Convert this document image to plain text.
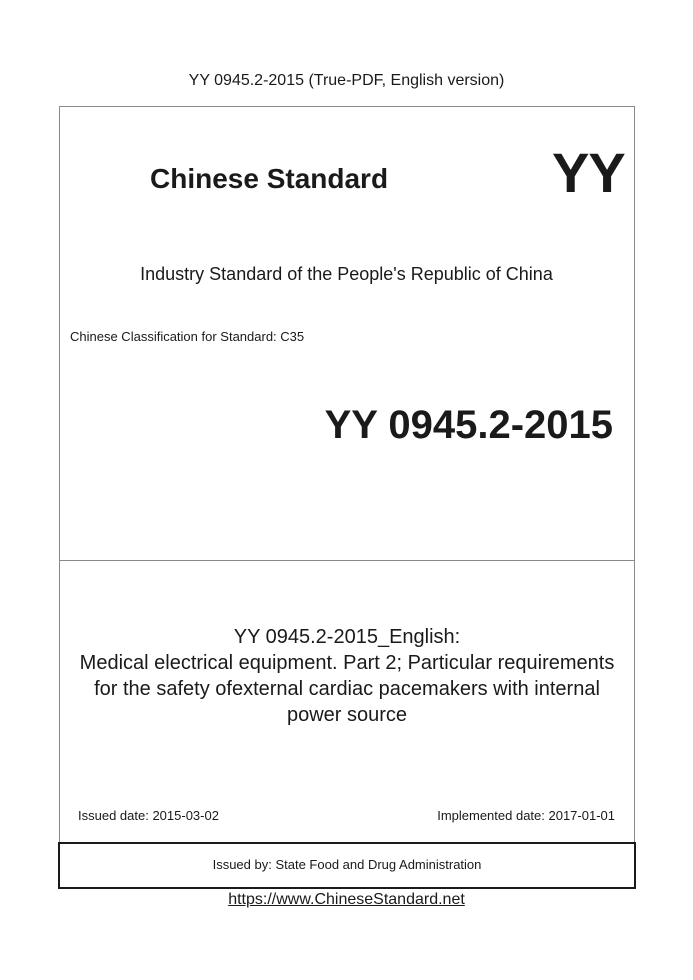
YY 0945.2-2015 (True-PDF, English version)
Chinese Standard	YY
Industry Standard of the People's Republic of China
Chinese Classification for Standard: C35
YY 0945.2-2015
YY 0945.2-2015_English:
Medical electrical equipment. Part 2; Particular requirements
for the safety ofexternal cardiac pacemakers with internal
power source
Issued date: 2015-03-02	Implemented date: 2017-01-01
Issued by: State Food and Drug Administration
https://www.ChineseStandard.net
